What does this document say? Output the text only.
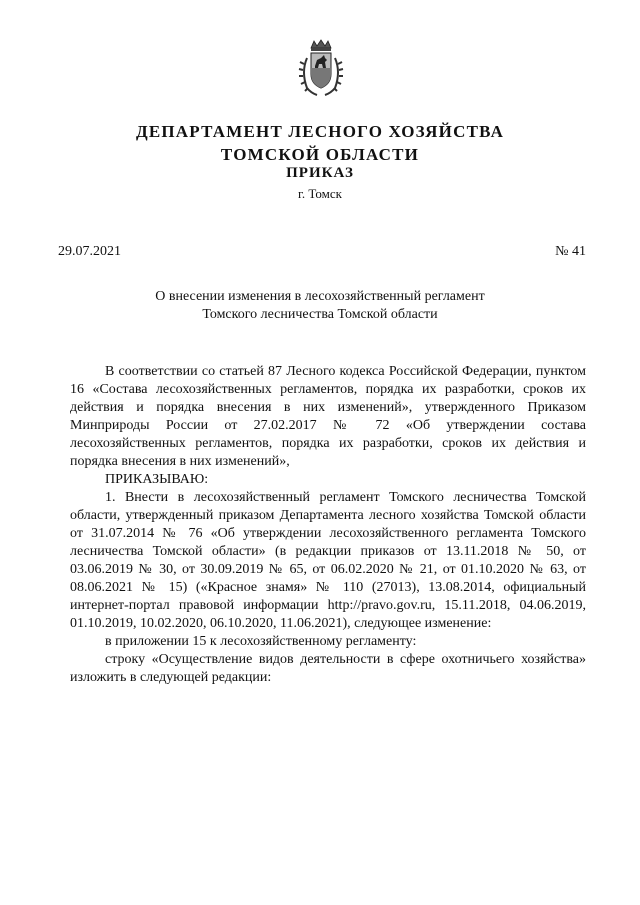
ДЕПАРТАМЕНТ ЛЕСНОГО ХОЗЯЙСТВА
ТОМСКОЙ ОБЛАСТИ
ПРИКАЗ
г. Томск
29.07.2021	№ 41
О внесении изменения в лесохозяйственный регламент
Томского лесничества Томской области

В соответствии со статьей 87 Лесного кодекса Российской Федерации, пунктом 16 «Состава лесохозяйственных регламентов, порядка их разработки, сроков их действия и порядка внесения в них изменений», утвержденного Приказом Минприроды России от 27.02.2017 № 72 «Об утверждении состава лесохозяйственных регламентов, порядка их разработки, сроков их действия и порядка внесения в них изменений»,

ПРИКАЗЫВАЮ:

1. Внести в лесохозяйственный регламент Томского лесничества Томской области, утвержденный приказом Департамента лесного хозяйства Томской области от 31.07.2014 № 76 «Об утверждении лесохозяйственного регламента Томского лесничества Томской области» (в редакции приказов от 13.11.2018 № 50, от 03.06.2019 № 30, от 30.09.2019 № 65, от 06.02.2020 № 21, от 01.10.2020 № 63, от 08.06.2021 № 15) («Красное знамя» № 110 (27013), 13.08.2014, официальный интернет-портал правовой информации http://pravo.gov.ru, 15.11.2018, 04.06.2019, 01.10.2019, 10.02.2020, 06.10.2020, 11.06.2021), следующее изменение:

в приложении 15 к лесохозяйственному регламенту:

строку «Осуществление видов деятельности в сфере охотничьего хозяйства» изложить в следующей редакции:
